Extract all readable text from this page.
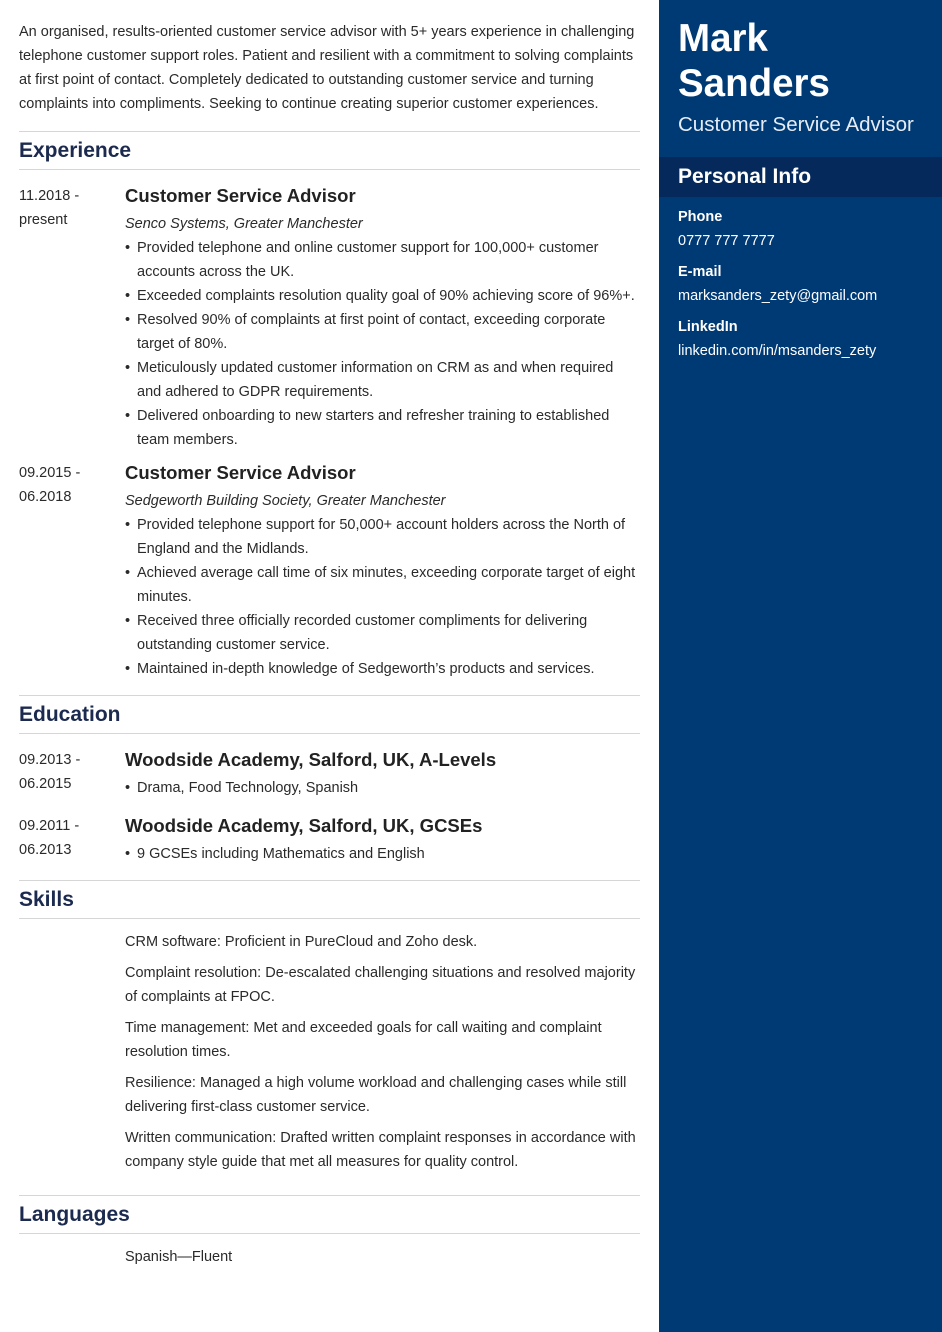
An organised, results-oriented customer service advisor with 5+ years experience in challenging telephone customer support roles. Patient and resilient with a commitment to solving complaints at first point of contact. Completely dedicated to outstanding customer service and turning complaints into compliments. Seeking to continue creating superior customer experiences.

Experience
11.2018 -
present
Customer Service Advisor
Senco Systems, Greater Manchester
• Provided telephone and online customer support for 100,000+ customer accounts across the UK.
• Exceeded complaints resolution quality goal of 90% achieving score of 96%+.
• Resolved 90% of complaints at first point of contact, exceeding corporate target of 80%.
• Meticulously updated customer information on CRM as and when required and adhered to GDPR requirements.
• Delivered onboarding to new starters and refresher training to established team members.
09.2015 -
06.2018
Customer Service Advisor
Sedgeworth Building Society, Greater Manchester
• Provided telephone support for 50,000+ account holders across the North of England and the Midlands.
• Achieved average call time of six minutes, exceeding corporate target of eight minutes.
• Received three officially recorded customer compliments for delivering outstanding customer service.
• Maintained in-depth knowledge of Sedgeworth’s products and services.
Education
09.2013 -
06.2015
Woodside Academy, Salford, UK, A-Levels
• Drama, Food Technology, Spanish
09.2011 -
06.2013
Woodside Academy, Salford, UK, GCSEs
• 9 GCSEs including Mathematics and English
Skills
CRM software: Proficient in PureCloud and Zoho desk.
Complaint resolution: De-escalated challenging situations and resolved majority of complaints at FPOC.
Time management: Met and exceeded goals for call waiting and complaint resolution times.
Resilience: Managed a high volume workload and challenging cases while still delivering first-class customer service.
Written communication: Drafted written complaint responses in accordance with company style guide that met all measures for quality control.
Languages
Spanish—Fluent
Mark
Sanders
Customer Service Advisor
Personal Info
Phone
0777 777 7777
E-mail
marksanders_zety@gmail.com
LinkedIn
linkedin.com/in/msanders_zety
